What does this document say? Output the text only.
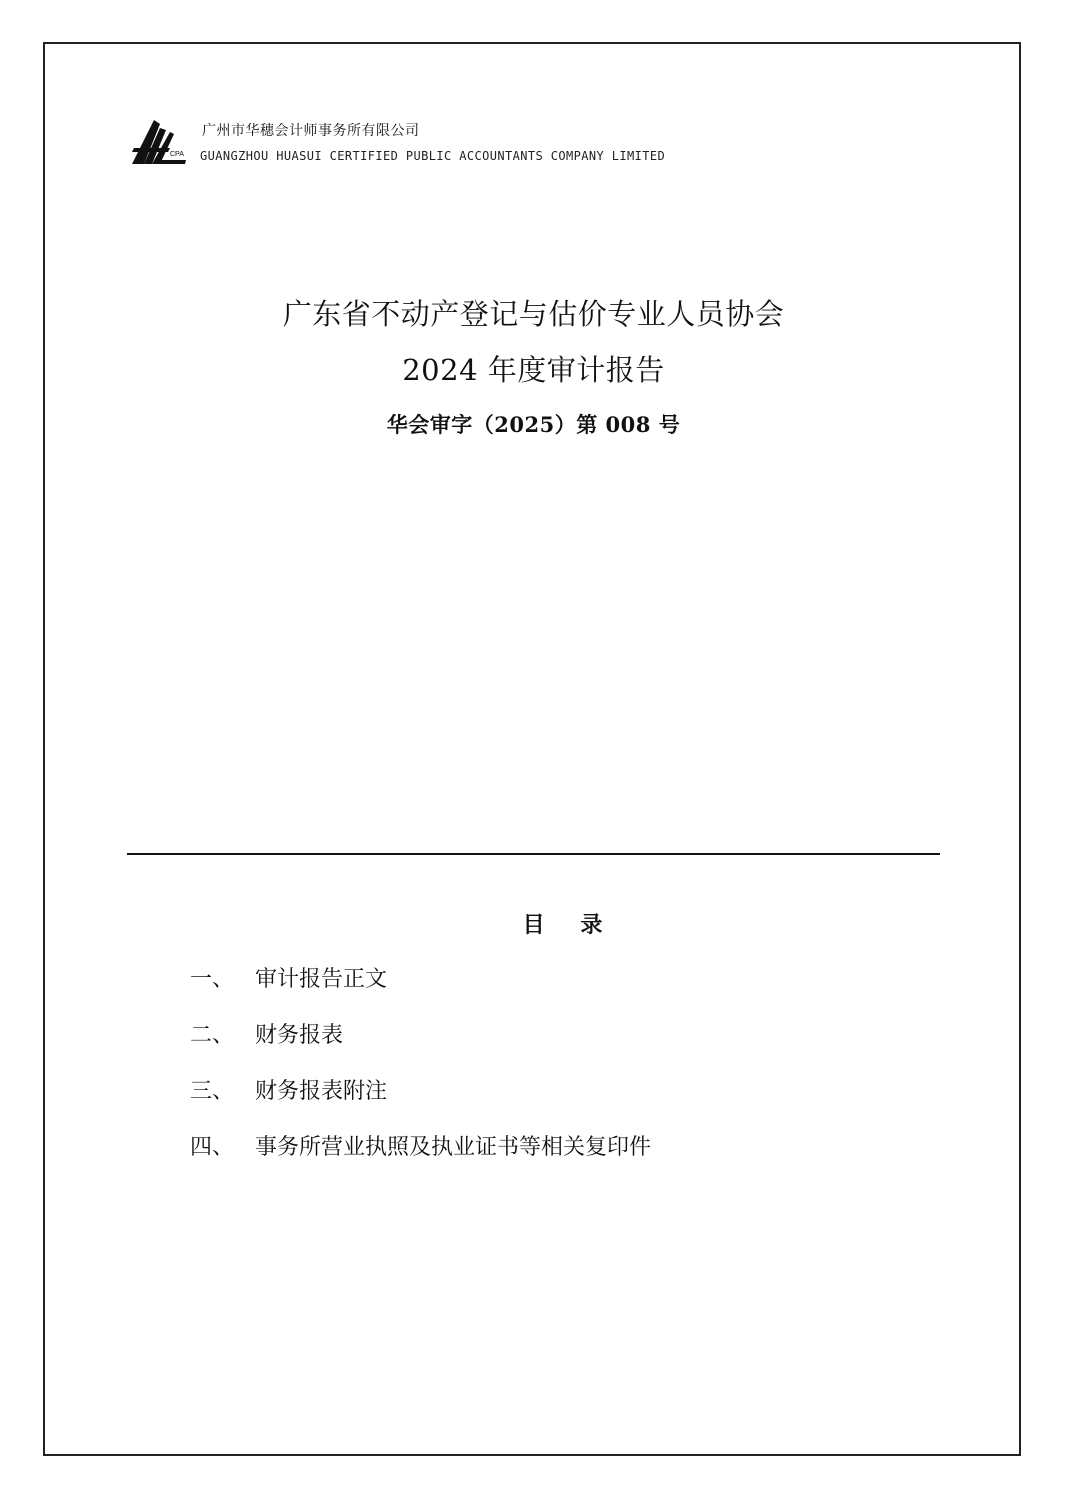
CPA
广州市华穗会计师事务所有限公司
GUANGZHOU HUASUI CERTIFIED PUBLIC ACCOUNTANTS COMPANY LIMITED
广东省不动产登记与估价专业人员协会
2024 年度审计报告
华会审字（2025）第 008 号
目 录
一、 审计报告正文
二、 财务报表
三、 财务报表附注
四、 事务所营业执照及执业证书等相关复印件
